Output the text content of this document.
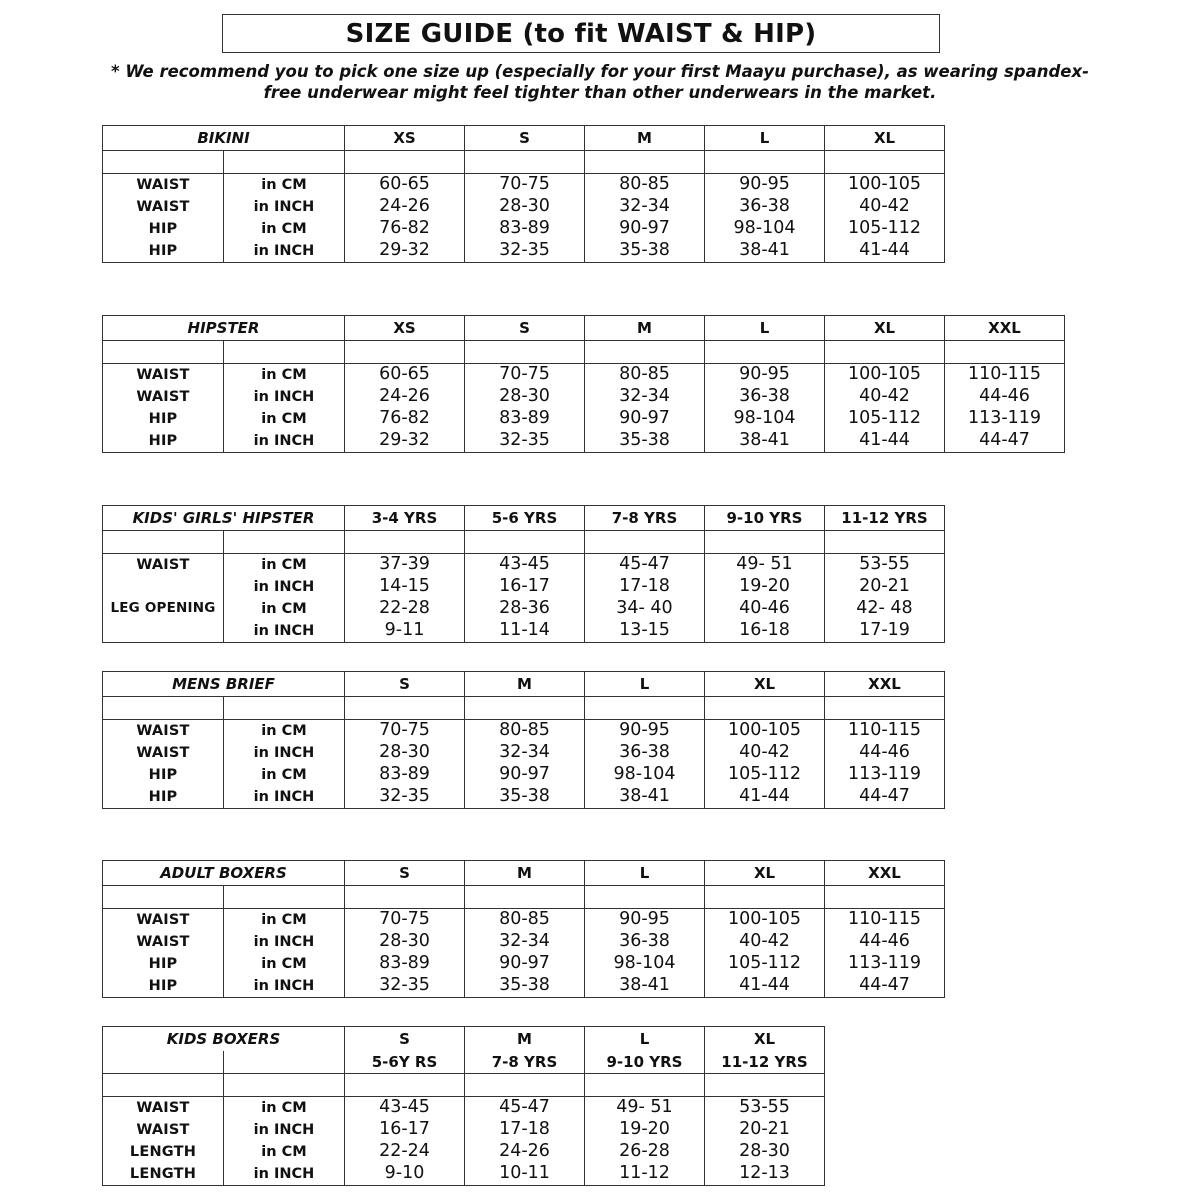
SIZE GUIDE (to fit WAIST & HIP)
* We recommend you to pick one size up (especially for your first Maayu purchase), as wearing spandex-
free underwear might feel tighter than other underwears in the market.
BIKINI		XS	S	M	L	XL

WAIST	in CM	60-65	70-75	80-85	90-95	100-105
WAIST	in INCH	24-26	28-30	32-34	36-38	40-42
HIP	in CM	76-82	83-89	90-97	98-104	105-112
HIP	in INCH	29-32	32-35	35-38	38-41	41-44
HIPSTER		XS	S	M	L	XL	XXL

WAIST	in CM	60-65	70-75	80-85	90-95	100-105	110-115
WAIST	in INCH	24-26	28-30	32-34	36-38	40-42	44-46
HIP	in CM	76-82	83-89	90-97	98-104	105-112	113-119
HIP	in INCH	29-32	32-35	35-38	38-41	41-44	44-47
KIDS' GIRLS' HIPSTER		3-4 YRS	5-6 YRS	7-8 YRS	9-10 YRS	11-12 YRS

WAIST	in CM	37-39	43-45	45-47	49- 51	53-55
	in INCH	14-15	16-17	17-18	19-20	20-21
LEG OPENING	in CM	22-28	28-36	34- 40	40-46	42- 48
	in INCH	9-11	11-14	13-15	16-18	17-19
MENS BRIEF		S	M	L	XL	XXL

WAIST	in CM	70-75	80-85	90-95	100-105	110-115
WAIST	in INCH	28-30	32-34	36-38	40-42	44-46
HIP	in CM	83-89	90-97	98-104	105-112	113-119
HIP	in INCH	32-35	35-38	38-41	41-44	44-47
ADULT BOXERS		S	M	L	XL	XXL

WAIST	in CM	70-75	80-85	90-95	100-105	110-115
WAIST	in INCH	28-30	32-34	36-38	40-42	44-46
HIP	in CM	83-89	90-97	98-104	105-112	113-119
HIP	in INCH	32-35	35-38	38-41	41-44	44-47
KIDS BOXERS		S	M	L	XL
		5-6Y RS	7-8 YRS	9-10 YRS	11-12 YRS

WAIST	in CM	43-45	45-47	49- 51	53-55
WAIST	in INCH	16-17	17-18	19-20	20-21
LENGTH	in CM	22-24	24-26	26-28	28-30
LENGTH	in INCH	9-10	10-11	11-12	12-13
